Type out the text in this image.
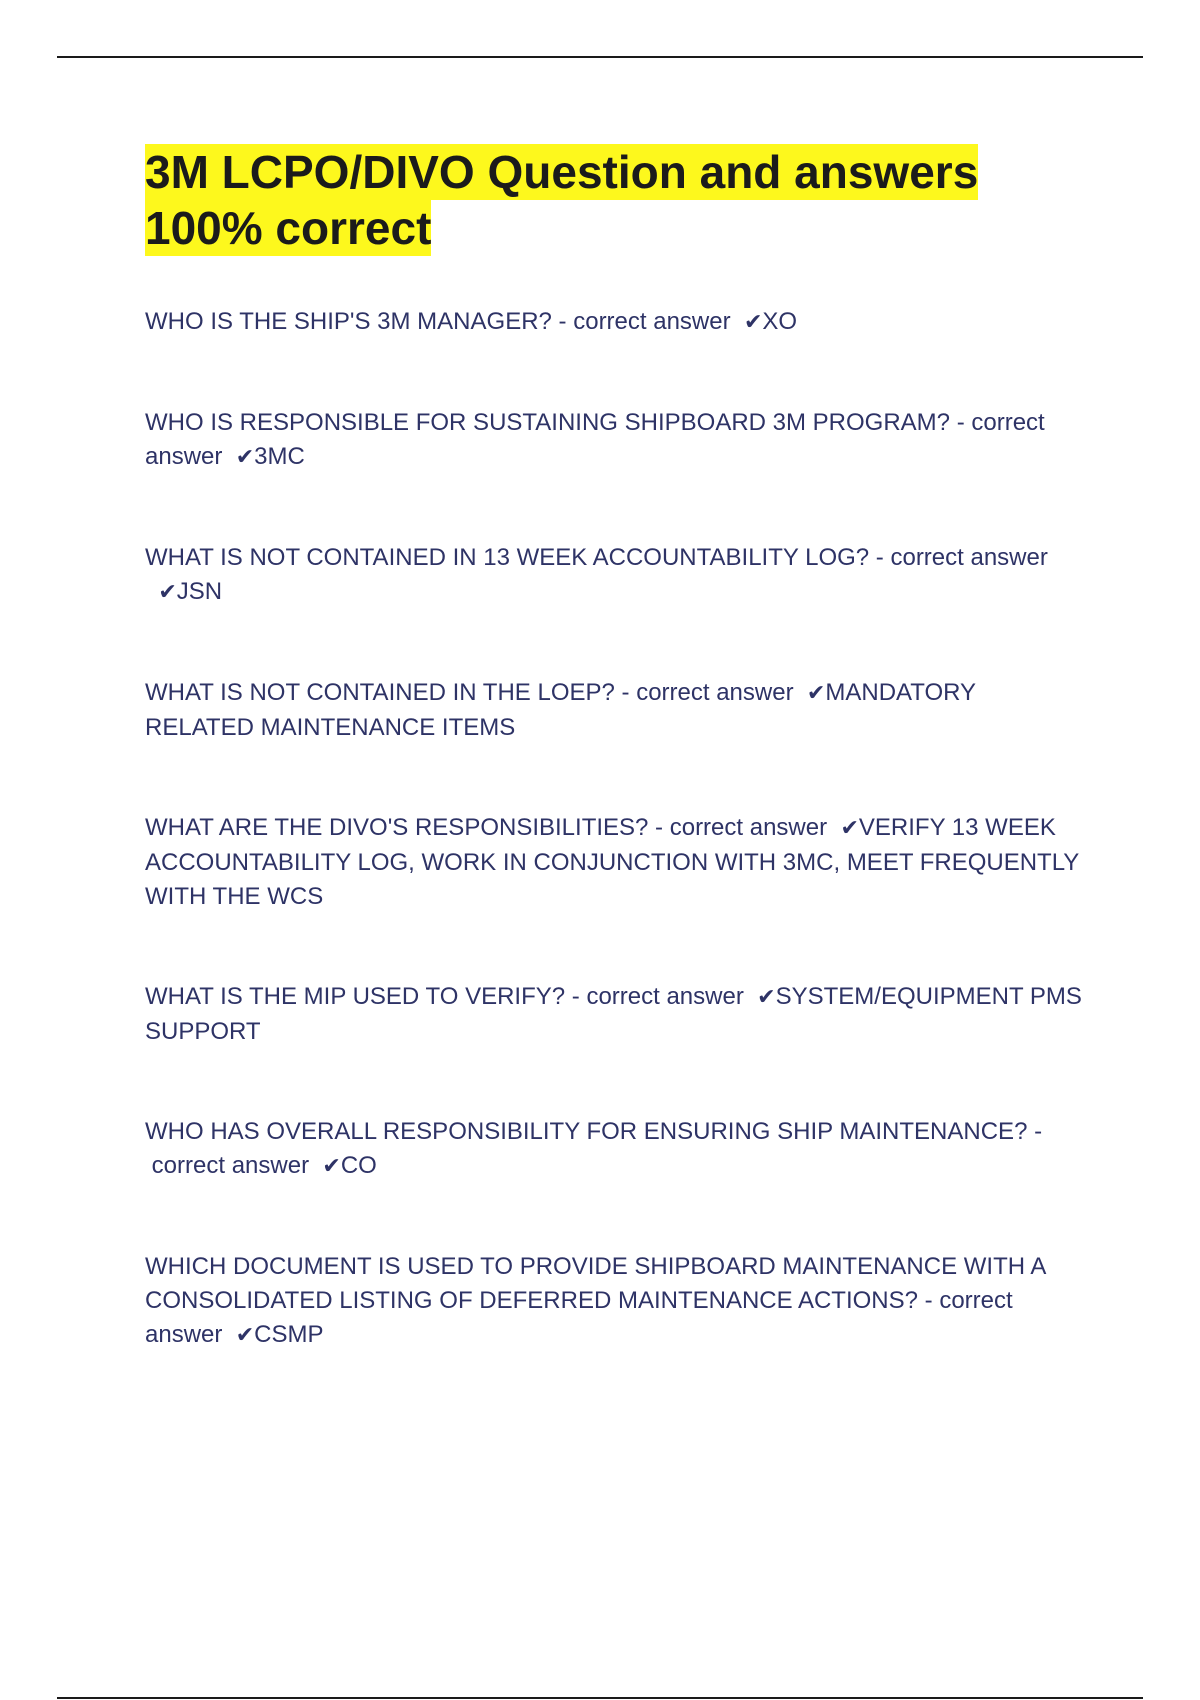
3M LCPO/DIVO Question and answers 100% correct

WHO IS THE SHIP'S 3M MANAGER? - correct answer ✔XO

WHO IS RESPONSIBLE FOR SUSTAINING SHIPBOARD 3M PROGRAM? - correct answer ✔3MC

WHAT IS NOT CONTAINED IN 13 WEEK ACCOUNTABILITY LOG? - correct answer  ✔JSN

WHAT IS NOT CONTAINED IN THE LOEP? - correct answer ✔MANDATORY RELATED MAINTENANCE ITEMS

WHAT ARE THE DIVO'S RESPONSIBILITIES? - correct answer ✔VERIFY 13 WEEK ACCOUNTABILITY LOG, WORK IN CONJUNCTION WITH 3MC, MEET FREQUENTLY WITH THE WCS

WHAT IS THE MIP USED TO VERIFY? - correct answer ✔SYSTEM/EQUIPMENT PMS SUPPORT

WHO HAS OVERALL RESPONSIBILITY FOR ENSURING SHIP MAINTENANCE? - correct answer ✔CO

WHICH DOCUMENT IS USED TO PROVIDE SHIPBOARD MAINTENANCE WITH A CONSOLIDATED LISTING OF DEFERRED MAINTENANCE ACTIONS? - correct answer ✔CSMP
